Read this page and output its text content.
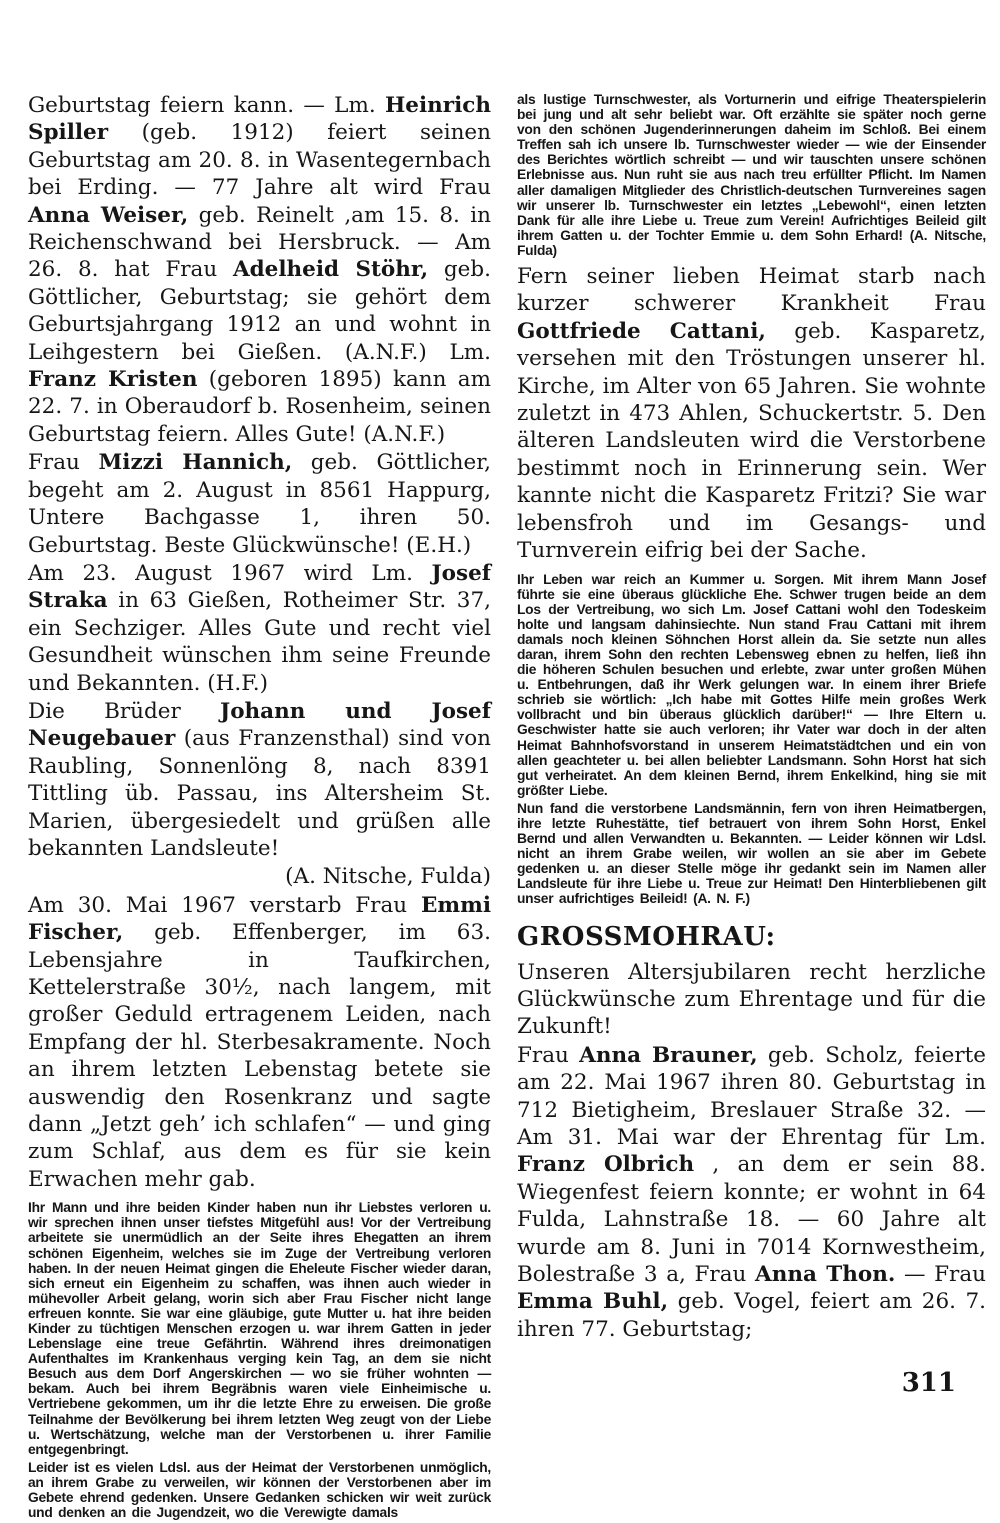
Geburtstag feiern kann. — Lm. Heinrich Spiller (geb. 1912) feiert seinen Geburtstag am 20. 8. in Wasentegernbach bei Erding. — 77 Jahre alt wird Frau Anna Weiser, geb. Reinelt ,am 15. 8. in Reichenschwand bei Hersbruck. — Am 26. 8. hat Frau Adelheid Stöhr, geb. Göttlicher, Geburtstag; sie gehört dem Geburtsjahrgang 1912 an und wohnt in Leihgestern bei Gießen. (A.N.F.) Lm. Franz Kristen (geboren 1895) kann am 22. 7. in Oberaudorf b. Rosenheim, seinen Geburtstag feiern. Alles Gute! (A.N.F.)
Frau Mizzi Hannich, geb. Göttlicher, begeht am 2. August in 8561 Happurg, Untere Bachgasse 1, ihren 50. Geburtstag. Beste Glückwünsche! (E.H.)
Am 23. August 1967 wird Lm. Josef Straka in 63 Gießen, Rotheimer Str. 37, ein Sechziger. Alles Gute und recht viel Gesundheit wünschen ihm seine Freunde und Bekannten. (H.F.)
Die Brüder Johann und Josef Neugebauer (aus Franzensthal) sind von Raubling, Sonnenlöng 8, nach 8391 Tittling üb. Passau, ins Altersheim St. Marien, übergesiedelt und grüßen alle bekannten Landsleute!
(A. Nitsche, Fulda)
Am 30. Mai 1967 verstarb Frau Emmi Fischer, geb. Effenberger, im 63. Lebensjahre in Taufkirchen, Kettelerstraße 30½, nach langem, mit großer Geduld ertragenem Leiden, nach Empfang der hl. Sterbesakramente. Noch an ihrem letzten Lebenstag betete sie auswendig den Rosenkranz und sagte dann „Jetzt geh’ ich schlafen“ — und ging zum Schlaf, aus dem es für sie kein Erwachen mehr gab.
Ihr Mann und ihre beiden Kinder haben nun ihr Liebstes verloren u. wir sprechen ihnen unser tiefstes Mitgefühl aus! Vor der Vertreibung arbeitete sie unermüdlich an der Seite ihres Ehegatten an ihrem schönen Eigenheim, welches sie im Zuge der Vertreibung verloren haben. In der neuen Heimat gingen die Eheleute Fischer wieder daran, sich erneut ein Eigenheim zu schaffen, was ihnen auch wieder in mühevoller Arbeit gelang, worin sich aber Frau Fischer nicht lange erfreuen konnte. Sie war eine gläubige, gute Mutter u. hat ihre beiden Kinder zu tüchtigen Menschen erzogen u. war ihrem Gatten in jeder Lebenslage eine treue Gefährtin. Während ihres dreimonatigen Aufenthaltes im Krankenhaus verging kein Tag, an dem sie nicht Besuch aus dem Dorf Angerskirchen — wo sie früher wohnten — bekam. Auch bei ihrem Begräbnis waren viele Einheimische u. Vertriebene gekommen, um ihr die letzte Ehre zu erweisen. Die große Teilnahme der Bevölkerung bei ihrem letzten Weg zeugt von der Liebe u. Wertschätzung, welche man der Verstorbenen u. ihrer Familie entgegenbringt.
Leider ist es vielen Ldsl. aus der Heimat der Verstorbenen unmöglich, an ihrem Grabe zu verweilen, wir können der Verstorbenen aber im Gebete ehrend gedenken. Unsere Gedanken schicken wir weit zurück und denken an die Jugendzeit, wo die Verewigte damals
als lustige Turnschwester, als Vorturnerin und eifrige Theaterspielerin bei jung und alt sehr beliebt war. Oft erzählte sie später noch gerne von den schönen Jugenderinnerungen daheim im Schloß. Bei einem Treffen sah ich unsere lb. Turnschwester wieder — wie der Einsender des Berichtes wörtlich schreibt — und wir tauschten unsere schönen Erlebnisse aus. Nun ruht sie aus nach treu erfüllter Pflicht. Im Namen aller damaligen Mitglieder des Christlich-deutschen Turnvereines sagen wir unserer lb. Turnschwester ein letztes „Lebewohl“, einen letzten Dank für alle ihre Liebe u. Treue zum Verein! Aufrichtiges Beileid gilt ihrem Gatten u. der Tochter Emmie u. dem Sohn Erhard! (A. Nitsche, Fulda)
Fern seiner lieben Heimat starb nach kurzer schwerer Krankheit Frau Gottfriede Cattani, geb. Kasparetz, versehen mit den Tröstungen unserer hl. Kirche, im Alter von 65 Jahren. Sie wohnte zuletzt in 473 Ahlen, Schuckertstr. 5. Den älteren Landsleuten wird die Verstorbene bestimmt noch in Erinnerung sein. Wer kannte nicht die Kasparetz Fritzi? Sie war lebensfroh und im Gesangs- und Turnverein eifrig bei der Sache.
Ihr Leben war reich an Kummer u. Sorgen. Mit ihrem Mann Josef führte sie eine überaus glückliche Ehe. Schwer trugen beide an dem Los der Vertreibung, wo sich Lm. Josef Cattani wohl den Todeskeim holte und langsam dahinsiechte. Nun stand Frau Cattani mit ihrem damals noch kleinen Söhnchen Horst allein da. Sie setzte nun alles daran, ihrem Sohn den rechten Lebensweg ebnen zu helfen, ließ ihn die höheren Schulen besuchen und erlebte, zwar unter großen Mühen u. Entbehrungen, daß ihr Werk gelungen war. In einem ihrer Briefe schrieb sie wörtlich: „Ich habe mit Gottes Hilfe mein großes Werk vollbracht und bin überaus glücklich darüber!“ — Ihre Eltern u. Geschwister hatte sie auch verloren; ihr Vater war doch in der alten Heimat Bahnhofsvorstand in unserem Heimatstädtchen und ein von allen geachteter u. bei allen beliebter Landsmann. Sohn Horst hat sich gut verheiratet. An dem kleinen Bernd, ihrem Enkelkind, hing sie mit größter Liebe.
Nun fand die verstorbene Landsmännin, fern von ihren Heimatbergen, ihre letzte Ruhestätte, tief betrauert von ihrem Sohn Horst, Enkel Bernd und allen Verwandten u. Bekannten. — Leider können wir Ldsl. nicht an ihrem Grabe weilen, wir wollen an sie aber im Gebete gedenken u. an dieser Stelle möge ihr gedankt sein im Namen aller Landsleute für ihre Liebe u. Treue zur Heimat! Den Hinterbliebenen gilt unser aufrichtiges Beileid! (A. N. F.)
GROSSMOHRAU:
Unseren Altersjubilaren recht herzliche Glückwünsche zum Ehrentage und für die Zukunft!
Frau Anna Brauner, geb. Scholz, feierte am 22. Mai 1967 ihren 80. Geburtstag in 712 Bietigheim, Breslauer Straße 32. — Am 31. Mai war der Ehrentag für Lm. Franz Olbrich , an dem er sein 88. Wiegenfest feiern konnte; er wohnt in 64 Fulda, Lahnstraße 18. — 60 Jahre alt wurde am 8. Juni in 7014 Kornwestheim, Bolestraße 3 a, Frau Anna Thon. — Frau Emma Buhl, geb. Vogel, feiert am 26. 7. ihren 77. Geburtstag;
311
